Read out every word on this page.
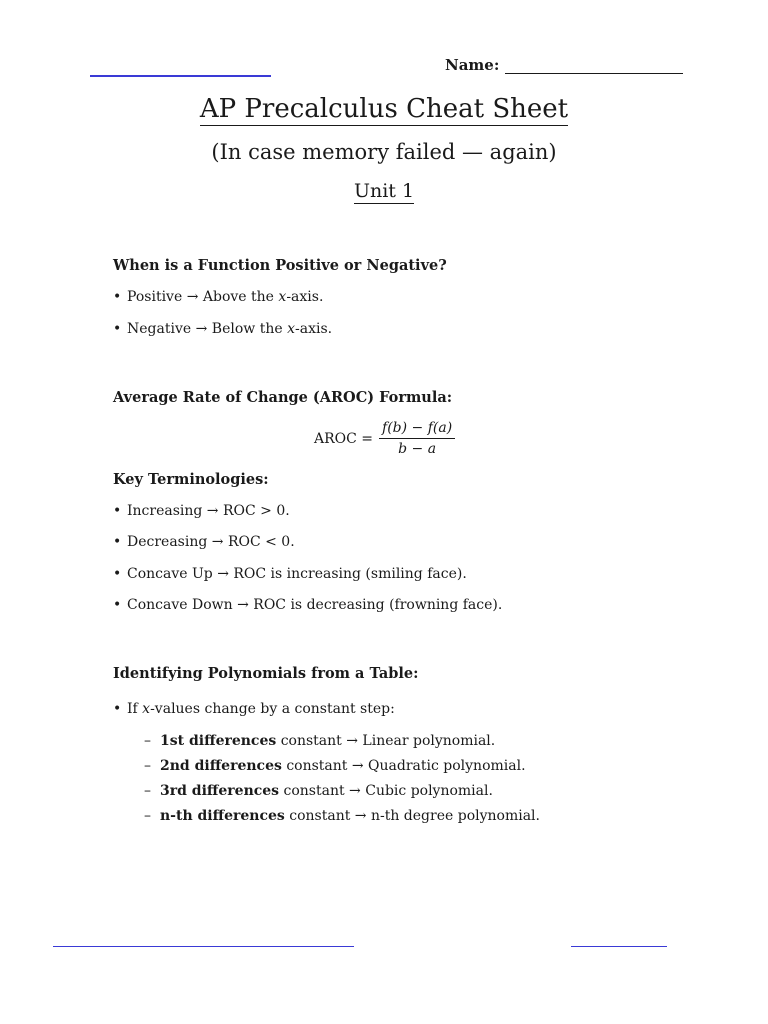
Name:
AP Precalculus Cheat Sheet
(In case memory failed — again)
Unit 1
When is a Function Positive or Negative?
• Positive → Above the x-axis.
• Negative → Below the x-axis.
Average Rate of Change (AROC) Formula:
AROC = $\frac{f(b) - f(a)}{b - a}$
Key Terminologies:
• Increasing → ROC > 0.
• Decreasing → ROC < 0.
• Concave Up → ROC is increasing (smiling face).
• Concave Down → ROC is decreasing (frowning face).
Identifying Polynomials from a Table:
• If x-values change by a constant step:
– 1st differences constant → Linear polynomial.
– 2nd differences constant → Quadratic polynomial.
– 3rd differences constant → Cubic polynomial.
– n-th differences constant → n-th degree polynomial.
